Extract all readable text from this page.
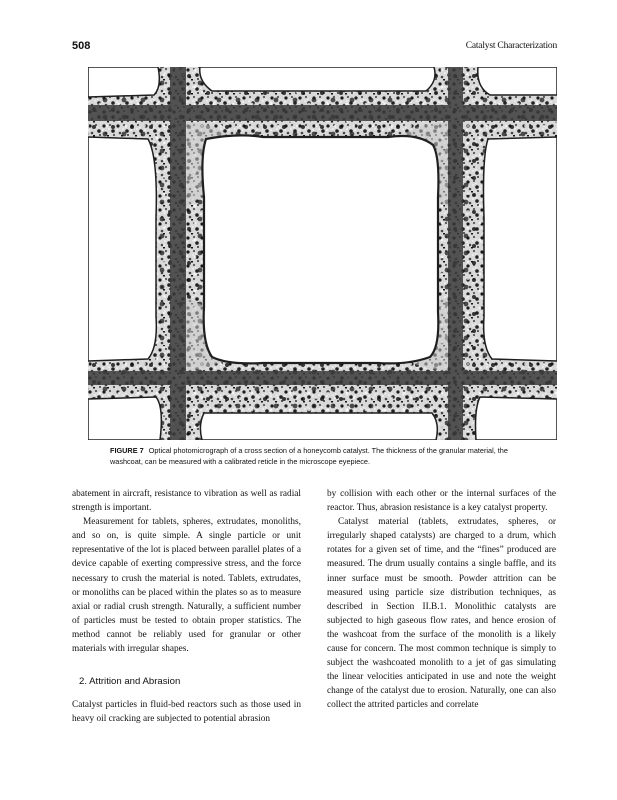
508	Catalyst Characterization
FIGURE 7 Optical photomicrograph of a cross section of a honeycomb catalyst. The thickness of the granular material, the washcoat, can be measured with a calibrated reticle in the microscope eyepiece.

abatement in aircraft, resistance to vibration as well as radial strength is important.

Measurement for tablets, spheres, extrudates, monoliths, and so on, is quite simple. A single particle or unit representative of the lot is placed between parallel plates of a device capable of exerting compressive stress, and the force necessary to crush the material is noted. Tablets, extrudates, or monoliths can be placed within the plates so as to measure axial or radial crush strength. Naturally, a sufficient number of particles must be tested to obtain proper statistics. The method cannot be reliably used for granular or other materials with irregular shapes.

2. Attrition and Abrasion

Catalyst particles in fluid-bed reactors such as those used in heavy oil cracking are subjected to potential abrasion

by collision with each other or the internal surfaces of the reactor. Thus, abrasion resistance is a key catalyst property.

Catalyst material (tablets, extrudates, spheres, or irregularly shaped catalysts) are charged to a drum, which rotates for a given set of time, and the “fines” produced are measured. The drum usually contains a single baffle, and its inner surface must be smooth. Powder attrition can be measured using particle size distribution techniques, as described in Section II.B.1. Monolithic catalysts are subjected to high gaseous flow rates, and hence erosion of the washcoat from the surface of the monolith is a likely cause for concern. The most common technique is simply to subject the washcoated monolith to a jet of gas simulating the linear velocities anticipated in use and note the weight change of the catalyst due to erosion. Naturally, one can also collect the attrited particles and correlate
